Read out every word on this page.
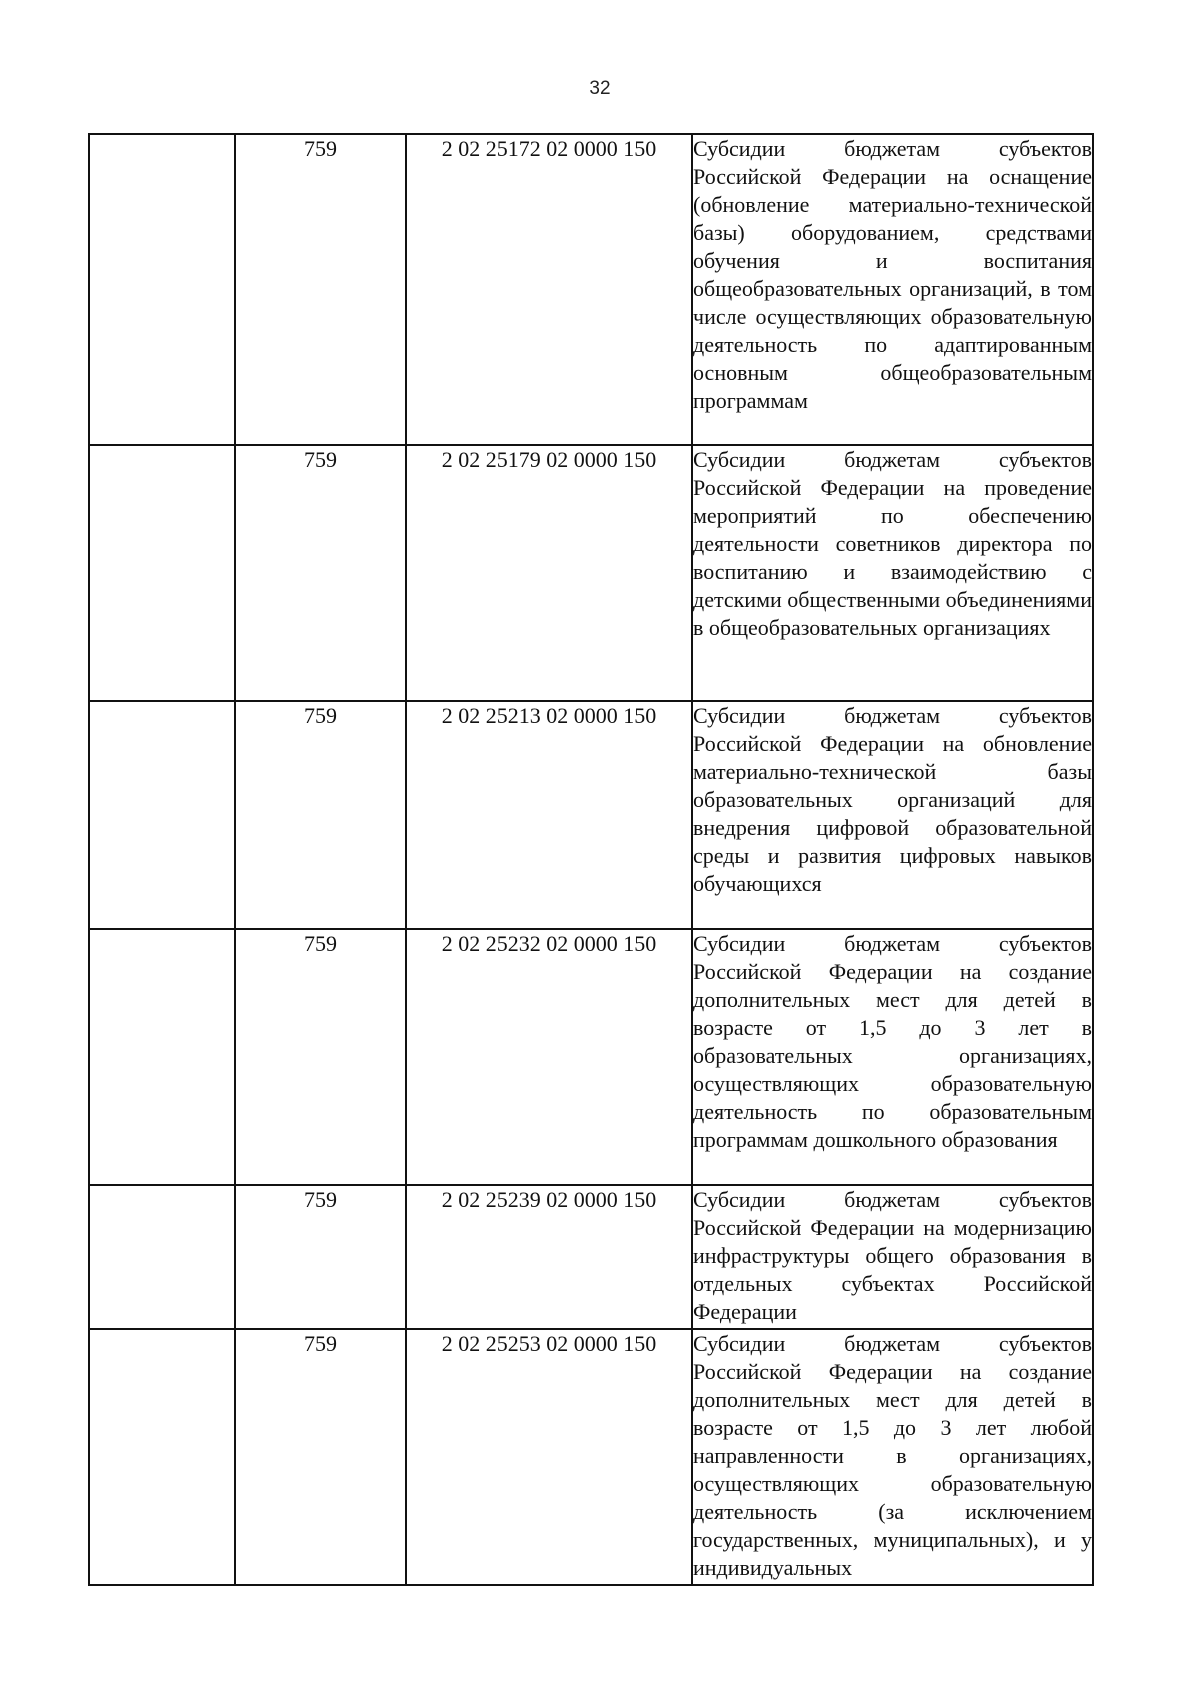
32
	759	2 02 25172 02 0000 150	Субсидии бюджетам субъектов Российской Федерации на оснащение (обновление материально-технической базы) оборудованием, средствами обучения и воспитания общеобразовательных организаций, в том числе осуществляющих образовательную деятельность по адаптированным основным общеобразовательным программам

	759	2 02 25179 02 0000 150	Субсидии бюджетам субъектов Российской Федерации на проведение мероприятий по обеспечению деятельности советников директора по воспитанию и взаимодействию с детскими общественными объединениями в общеобразовательных организациях

	759	2 02 25213 02 0000 150	Субсидии бюджетам субъектов Российской Федерации на обновление материально-технической базы образовательных организаций для внедрения цифровой образовательной среды и развития цифровых навыков обучающихся

	759	2 02 25232 02 0000 150	Субсидии бюджетам субъектов Российской Федерации на создание дополнительных мест для детей в возрасте от 1,5 до 3 лет в образовательных организациях, осуществляющих образовательную деятельность по образовательным программам дошкольного образования

	759	2 02 25239 02 0000 150	Субсидии бюджетам субъектов Российской Федерации на модернизацию инфраструктуры общего образования в отдельных субъектах Российской Федерации

	759	2 02 25253 02 0000 150	Субсидии бюджетам субъектов Российской Федерации на создание дополнительных мест для детей в возрасте от 1,5 до 3 лет любой направленности в организациях, осуществляющих образовательную деятельность (за исключением государственных, муниципальных), и у индивидуальных
